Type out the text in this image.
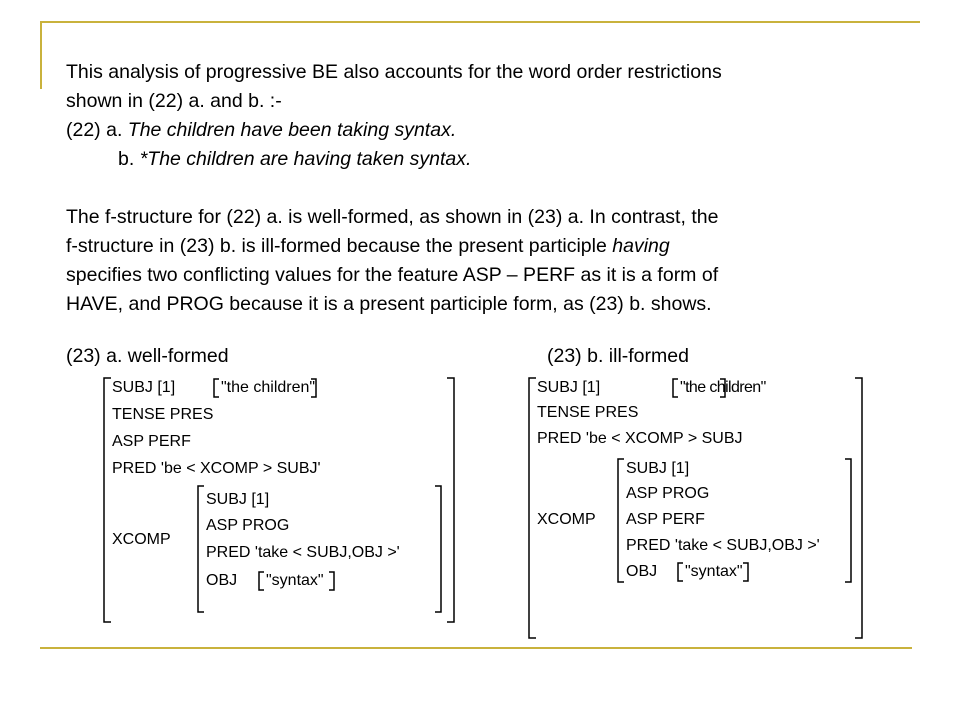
This analysis of progressive BE also accounts for the word order restrictions
shown in (22) a. and b. :-
(22) a. The children have been taking syntax.
b. *The children are having taken syntax.
The f-structure for (22) a. is well-formed, as shown in (23) a. In contrast, the
f-structure in (23) b. is ill-formed because the present participle having
specifies two conflicting values for the feature ASP – PERF as it is a form of
HAVE, and PROG because it is a present participle form, as (23) b. shows.
(23) a. well-formed	(23) b. ill-formed
SUBJ [1]	"the children"
TENSE PRES
ASP PERF
PRED 'be < XCOMP > SUBJ'
XCOMP
SUBJ [1]
ASP PROG
PRED 'take < SUBJ,OBJ >'
OBJ "syntax"
SUBJ [1]	"the children"
TENSE PRES
PRED 'be < XCOMP > SUBJ
XCOMP
SUBJ [1]
ASP PROG
ASP PERF
PRED 'take < SUBJ,OBJ >'
OBJ "syntax"
